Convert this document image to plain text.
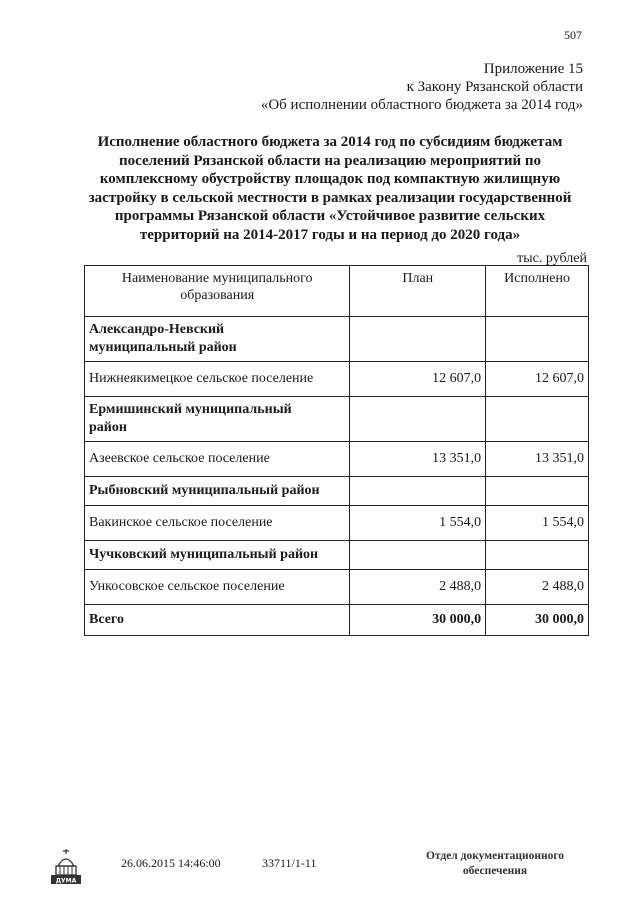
507
Приложение 15
к Закону Рязанской области
«Об исполнении областного бюджета за 2014 год»
Исполнение областного бюджета за 2014 год по субсидиям бюджетам
поселений Рязанской области на реализацию мероприятий по
комплексному обустройству площадок под компактную жилищную
застройку в сельской местности в рамках реализации государственной
программы Рязанской области «Устойчивое развитие сельских
территорий на 2014-2017 годы и на период до 2020 года»
тыс. рублей
Наименование муниципального
образования	План	Исполнено

Александро-Невский
муниципальный район		

Нижнеякимецкое сельское поселение	12 607,0	12 607,0

Ермишинский муниципальный
район		

Азеевское сельское поселение	13 351,0	13 351,0
Рыбновский муниципальный район		
Вакинское сельское поселение	1 554,0	1 554,0
Чучковский муниципальный район		
Ункосовское сельское поселение	2 488,0	2 488,0
Всего	30 000,0	30 000,0
ДУМА
26.06.2015 14:46:00	33711/1-11	Отдел документационного
обеспечения
